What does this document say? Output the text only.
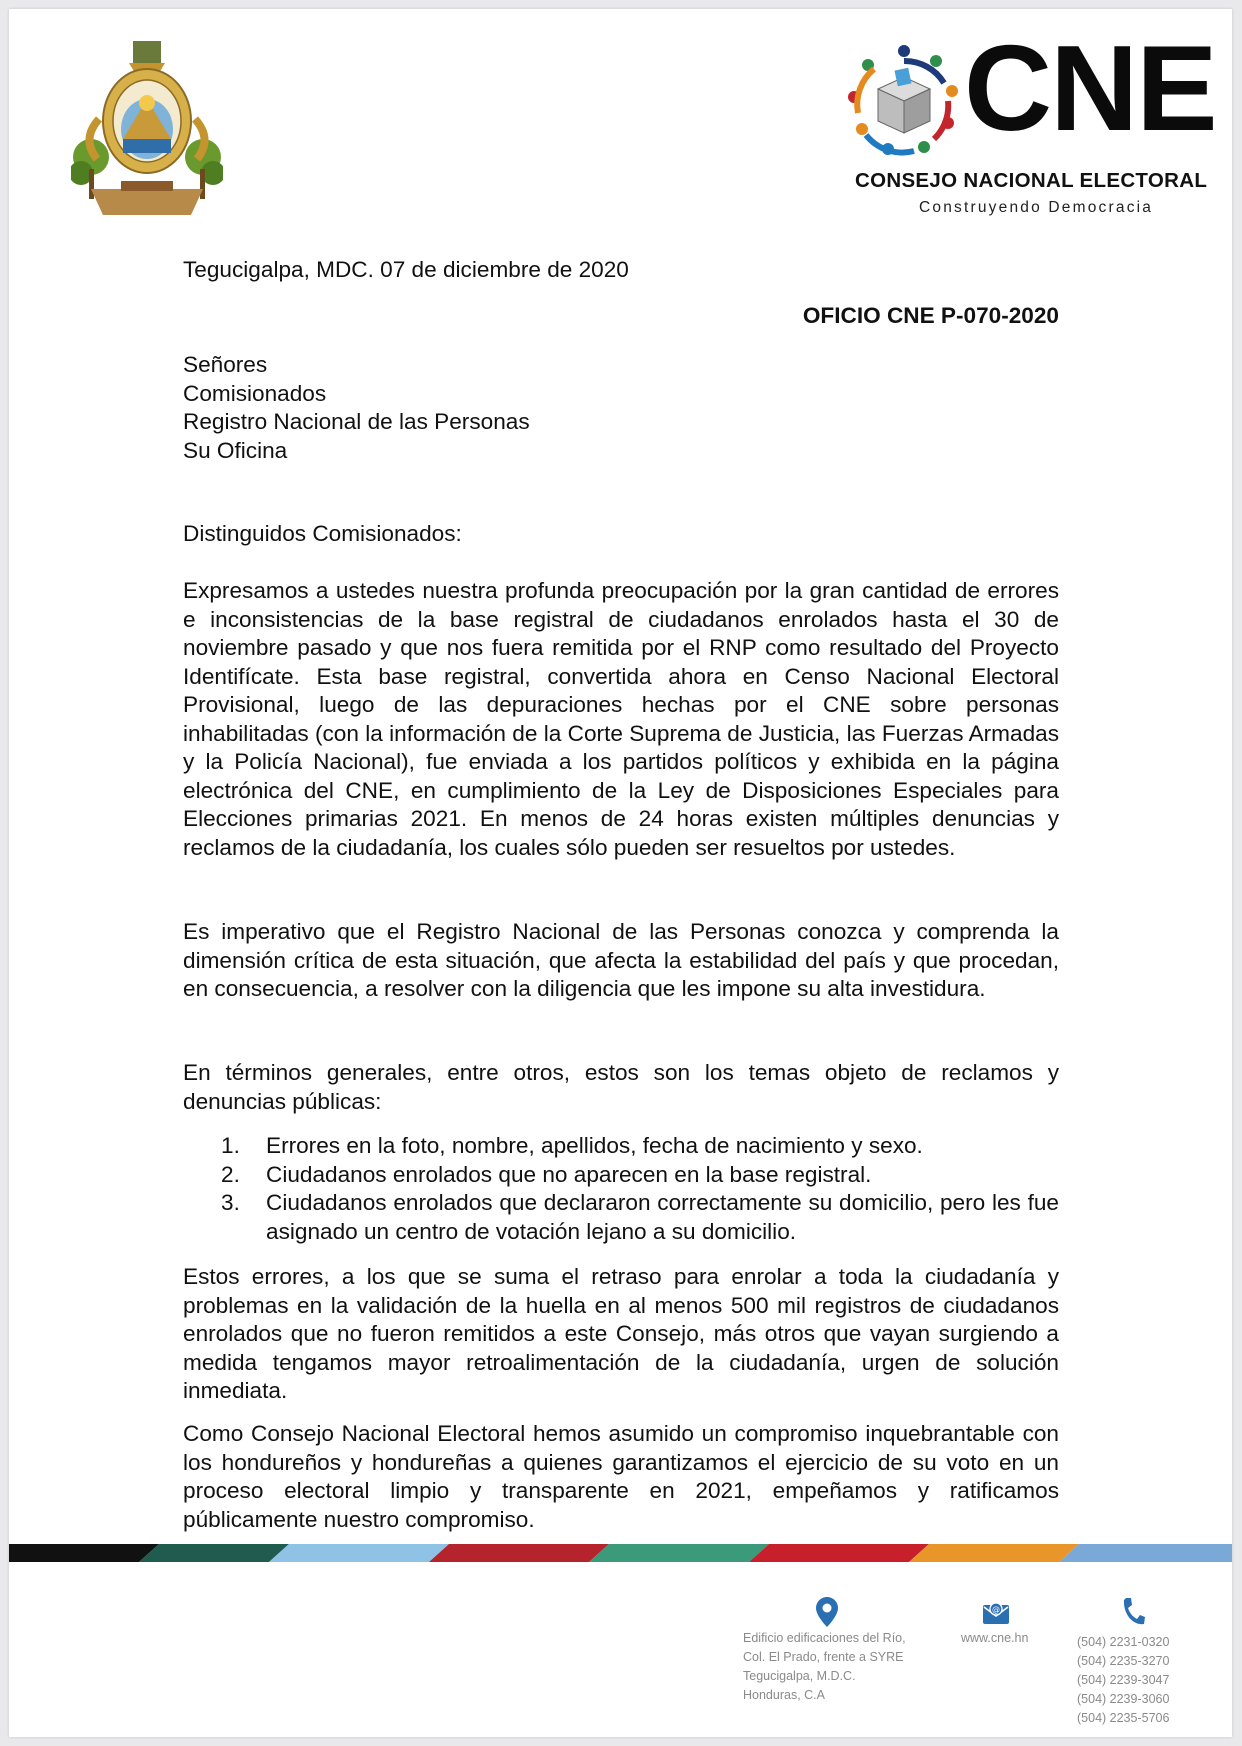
CNE
CONSEJO NACIONAL ELECTORAL
Construyendo Democracia
Tegucigalpa, MDC. 07 de diciembre de 2020
OFICIO CNE P-070-2020
Señores
Comisionados
Registro Nacional de las Personas
Su Oficina
Distinguidos Comisionados:

Expresamos a ustedes nuestra profunda preocupación por la gran cantidad de errores e inconsistencias de la base registral de ciudadanos enrolados hasta el 30 de noviembre pasado y que nos fuera remitida por el RNP como resultado del Proyecto Identifícate. Esta base registral, convertida ahora en Censo Nacional Electoral Provisional, luego de las depuraciones hechas por el CNE sobre personas inhabilitadas (con la información de la Corte Suprema de Justicia, las Fuerzas Armadas y la Policía Nacional), fue enviada a los partidos políticos y exhibida en la página electrónica del CNE, en cumplimiento de la Ley de Disposiciones Especiales para Elecciones primarias 2021. En menos de 24 horas existen múltiples denuncias y reclamos de la ciudadanía, los cuales sólo pueden ser resueltos por ustedes.

Es imperativo que el Registro Nacional de las Personas conozca y comprenda la dimensión crítica de esta situación, que afecta la estabilidad del país y que procedan, en consecuencia, a resolver con la diligencia que les impone su alta investidura.

En términos generales, entre otros, estos son los temas objeto de reclamos y denuncias públicas:

1. Errores en la foto, nombre, apellidos, fecha de nacimiento y sexo.
2. Ciudadanos enrolados que no aparecen en la base registral.
3. Ciudadanos enrolados que declararon correctamente su domicilio, pero les fue asignado un centro de votación lejano a su domicilio.

Estos errores, a los que se suma el retraso para enrolar a toda la ciudadanía y problemas en la validación de la huella en al menos 500 mil registros de ciudadanos enrolados que no fueron remitidos a este Consejo, más otros que vayan surgiendo a medida tengamos mayor retroalimentación de la ciudadanía, urgen de solución inmediata.

Como Consejo Nacional Electoral hemos asumido un compromiso inquebrantable con los hondureños y hondureñas a quienes garantizamos el ejercicio de su voto en un proceso electoral limpio y transparente en 2021, empeñamos y ratificamos públicamente nuestro compromiso.

Edificio edificaciones del Río,
Col. El Prado, frente a SYRE
Tegucigalpa, M.D.C.
Honduras, C.A
@
www.cne.hn	(504) 2231-0320
(504) 2235-3270
(504) 2239-3047
(504) 2239-3060
(504) 2235-5706
